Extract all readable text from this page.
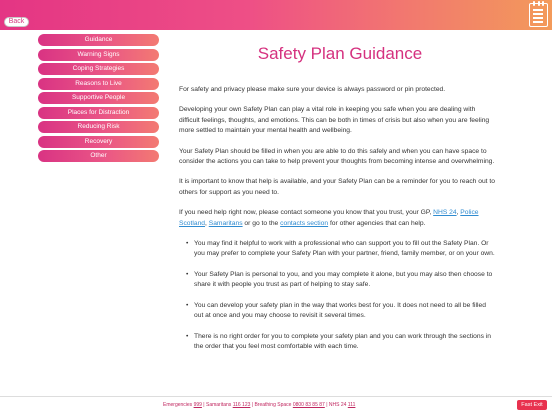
Back
Guidance
Warning Signs
Coping Strategies
Reasons to Live
Supportive People
Places for Distraction
Reducing Risk
Recovery
Other
Safety Plan Guidance

For safety and privacy please make sure your device is always password or pin protected.

Developing your own Safety Plan can play a vital role in keeping you safe when you are dealing with difficult feelings, thoughts, and emotions. This can be both in times of crisis but also when you are feeling more settled to maintain your mental health and wellbeing.

Your Safety Plan should be filled in when you are able to do this safely and when you can have space to consider the actions you can take to help prevent your thoughts from becoming intense and overwhelming.

It is important to know that help is available, and your Safety Plan can be a reminder for you to reach out to others for support as you need to.

If you need help right now, please contact someone you know that you trust, your GP, NHS 24, Police Scotland, Samaritans or go to the contacts section for other agencies that can help.

• You may find it helpful to work with a professional who can support you to fill out the Safety Plan. Or you may prefer to complete your Safety Plan with your partner, friend, family member, or on your own.
• Your Safety Plan is personal to you, and you may complete it alone, but you may also then choose to share it with people you trust as part of helping to stay safe.
• You can develop your safety plan in the way that works best for you. It does not need to all be filled out at once and you may choose to revisit it several times.
• There is no right order for you to complete your safety plan and you can work through the sections in the order that you feel most comfortable with each time.
Emergencies 999 | Samaritans 116 123 | Breathing Space 0800 83 85 87 | NHS 24 111	Fast Exit
